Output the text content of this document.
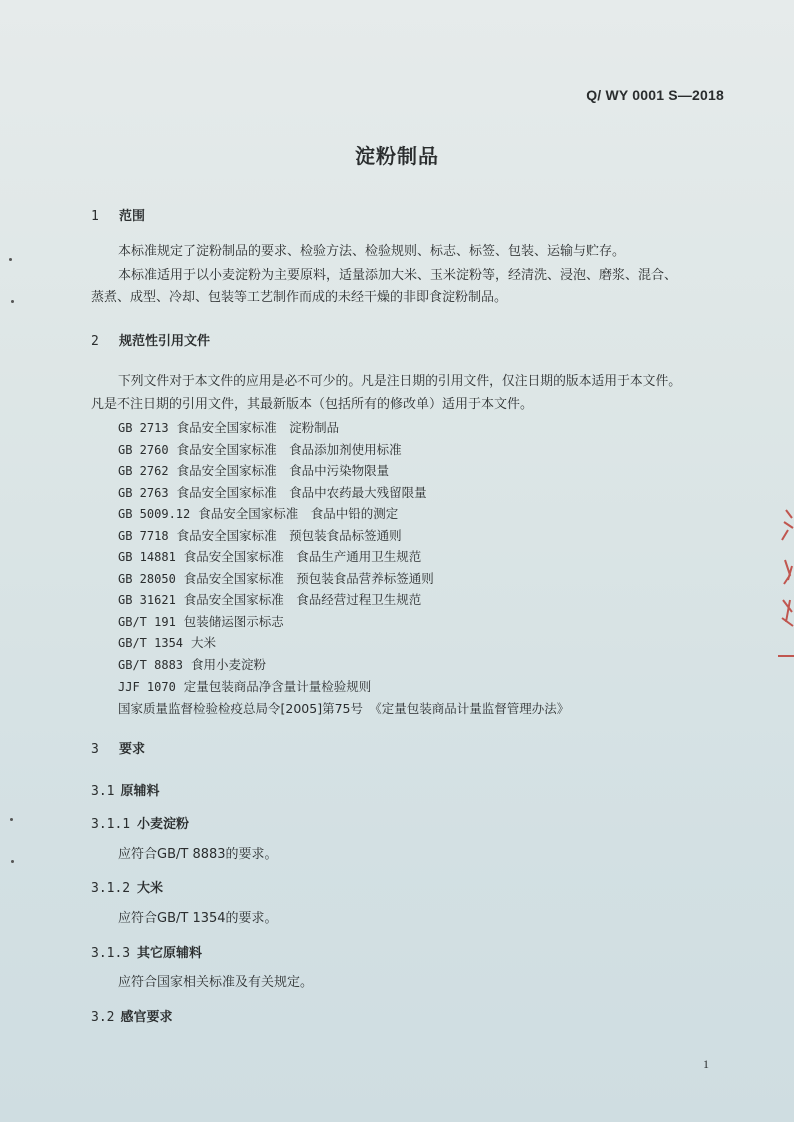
Q/ WY 0001 S—2018
淀粉制品
1 范围
本标准规定了淀粉制品的要求、检验方法、检验规则、标志、标签、包装、运输与贮存。
本标准适用于以小麦淀粉为主要原料，适量添加大米、玉米淀粉等，经清洗、浸泡、磨浆、混合、
蒸煮、成型、冷却、包装等工艺制作而成的未经干燥的非即食淀粉制品。
2 规范性引用文件
下列文件对于本文件的应用是必不可少的。凡是注日期的引用文件，仅注日期的版本适用于本文件。
凡是不注日期的引用文件，其最新版本（包括所有的修改单）适用于本文件。
GB 2713 食品安全国家标准　淀粉制品
GB 2760 食品安全国家标准　食品添加剂使用标准
GB 2762 食品安全国家标准　食品中污染物限量
GB 2763 食品安全国家标准　食品中农药最大残留限量
GB 5009.12 食品安全国家标准　食品中铅的测定
GB 7718 食品安全国家标准　预包装食品标签通则
GB 14881 食品安全国家标准　食品生产通用卫生规范
GB 28050 食品安全国家标准　预包装食品营养标签通则
GB 31621 食品安全国家标准　食品经营过程卫生规范
GB/T 191 包装储运图示标志
GB/T 1354 大米
GB/T 8883 食用小麦淀粉
JJF 1070 定量包装商品净含量计量检验规则
国家质量监督检验检疫总局令[2005]第75号　《定量包装商品计量监督管理办法》
3 要求
3.1 原辅料
3.1.1 小麦淀粉
应符合GB/T 8883的要求。
3.1.2 大米
应符合GB/T 1354的要求。
3.1.3 其它原辅料
应符合国家相关标准及有关规定。
3.2 感官要求
1
